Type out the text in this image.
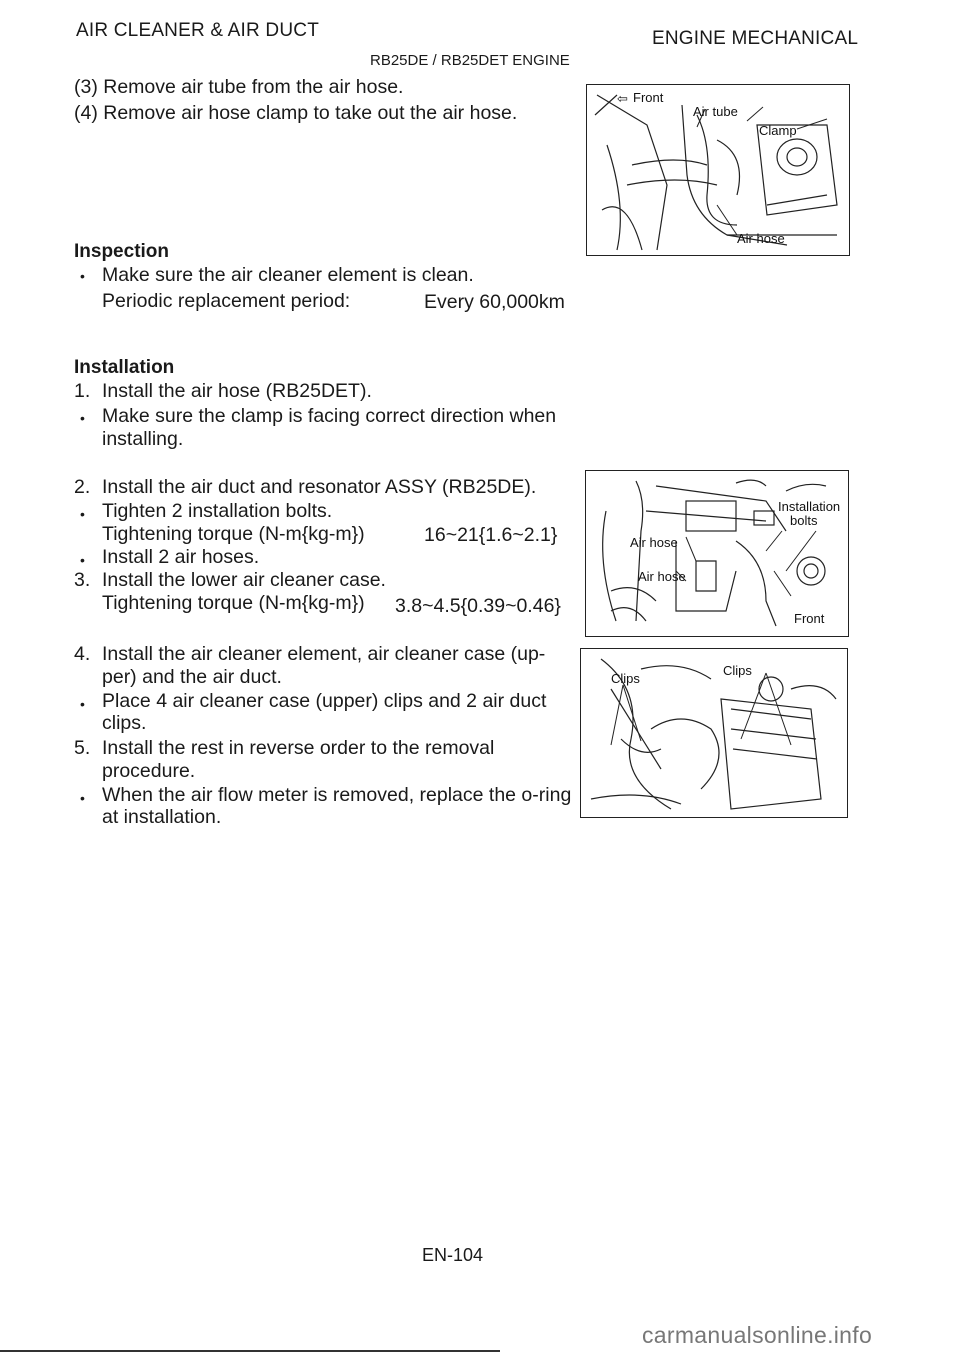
AIR CLEANER & AIR DUCT	ENGINE MECHANICAL
RB25DE / RB25DET ENGINE
(3) Remove air tube from the air hose.
(4) Remove air hose clamp to take out the air hose.
Inspection
• Make sure the air cleaner element is clean.
Periodic replacement period:	Every 60,000km
Installation
1. Install the air hose (RB25DET).
• Make sure the clamp is facing correct direction when
installing.
2. Install the air duct and resonator ASSY (RB25DE).
• Tighten 2 installation bolts.
Tightening torque (N-m{kg-m})	16~21{1.6~2.1}
• Install 2 air hoses.
3. Install the lower air cleaner case.
Tightening torque (N-m{kg-m}) 3.8~4.5{0.39~0.46}
4. Install the air cleaner element, air cleaner case (up-
per) and the air duct.
• Place 4 air cleaner case (upper) clips and 2 air duct
clips.
5. Install the rest in reverse order to the removal
procedure.
• When the air flow meter is removed, replace the o-ring
at installation.
⇦ Front
Air tube
Clamp
Air hose
Installation
bolts
Air hose
Air hose
Front
Clips
Clips
EN-104
carmanualsonline.info
